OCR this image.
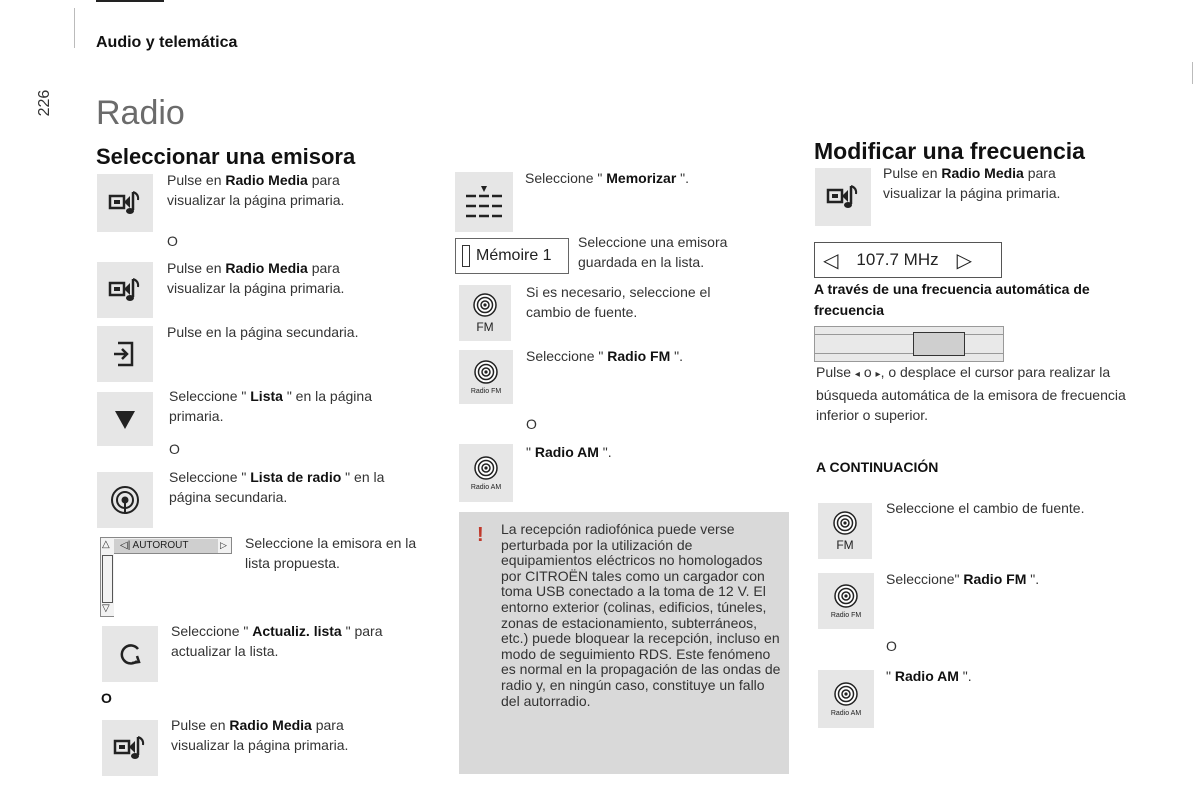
Audio y telemática
226 Radio
Seleccionar una emisora
Pulse en Radio Media para visualizar la página primaria.
O
Pulse en Radio Media para visualizar la página primaria.
Pulse en la página secundaria.
Seleccione " Lista " en la página primaria.
O
Seleccione " Lista de radio " en la página secundaria.
△	▷
◁| AUTOROUT
▽
Seleccione la emisora en la lista propuesta.
Seleccione " Actualiz. lista " para actualizar la lista.
O
Pulse en Radio Media para visualizar la página primaria.
Seleccione " Memorizar ".
Mémoire 1
Seleccione una emisora guardada en la lista.
FM
Si es necesario, seleccione el cambio de fuente.
Radio FM
Seleccione " Radio FM ".
O
Radio AM
" Radio AM ".
! La recepción radiofónica puede verse perturbada por la utilización de equipamientos eléctricos no homologados por CITROËN tales como un cargador con toma USB conectado a la toma de 12 V. El entorno exterior (colinas, edificios, túneles, zonas de estacionamiento, subterráneos, etc.) puede bloquear la recepción, incluso en modo de seguimiento RDS. Este fenómeno es normal en la propagación de las ondas de radio y, en ningún caso, constituye un fallo del autorradio.
Modificar una frecuencia
Pulse en Radio Media para visualizar la página primaria.
◁ 107.7 MHz ▷
A través de una frecuencia automática de frecuencia
Pulse ◂ o ▸, o desplace el cursor para realizar la búsqueda automática de la emisora de frecuencia inferior o superior.
A CONTINUACIÓN
FM
Seleccione el cambio de fuente.
Radio FM
Seleccione" Radio FM ".
O
Radio AM
" Radio AM ".
